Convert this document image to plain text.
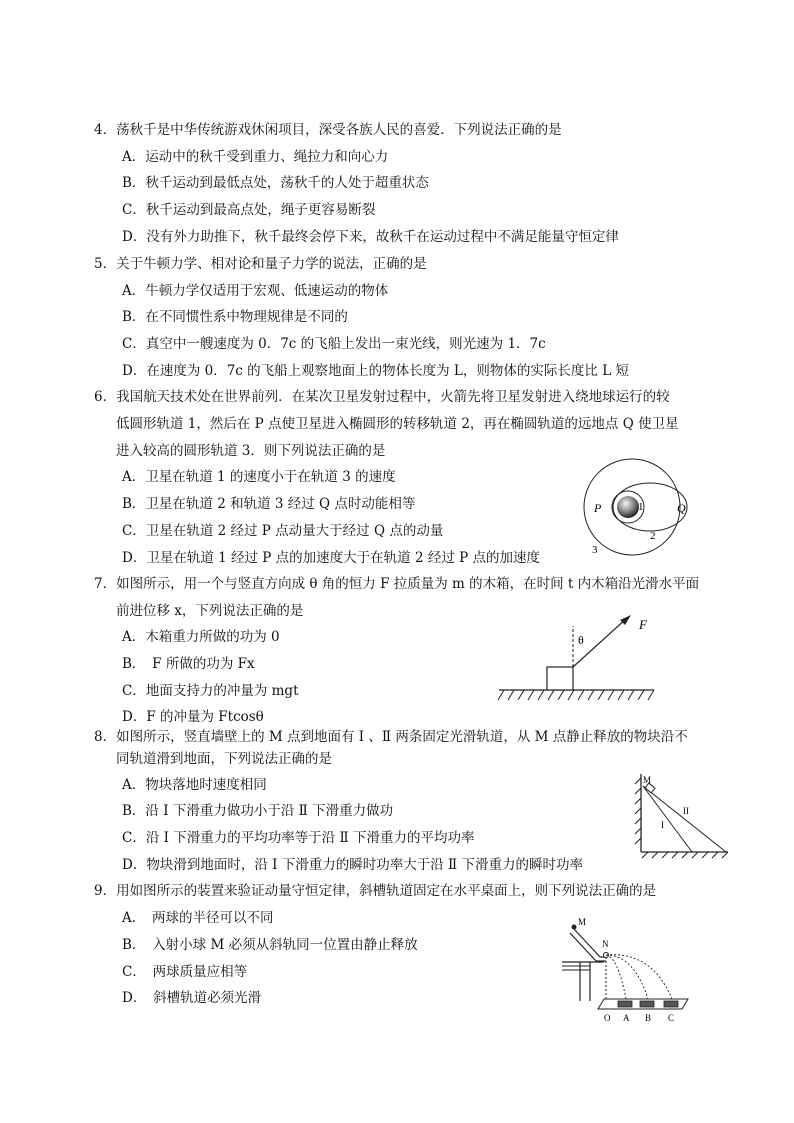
4．荡秋千是中华传统游戏休闲项目，深受各族人民的喜爱．下列说法正确的是
A．运动中的秋千受到重力、绳拉力和向心力
B．秋千运动到最低点处，荡秋千的人处于超重状态
C．秋千运动到最高点处，绳子更容易断裂
D．没有外力助推下，秋千最终会停下来，故秋千在运动过程中不满足能量守恒定律
5．关于牛顿力学、相对论和量子力学的说法，正确的是
A．牛顿力学仅适用于宏观、低速运动的物体
B．在不同惯性系中物理规律是不同的
C．真空中一艘速度为 0．7c 的飞船上发出一束光线，则光速为 1．7c
D．在速度为 0．7c 的飞船上观察地面上的物体长度为 L，则物体的实际长度比 L 短
6．我国航天技术处在世界前列．在某次卫星发射过程中，火箭先将卫星发射进入绕地球运行的较
低圆形轨道 1，然后在 P 点使卫星进入椭圆形的转移轨道 2，再在椭圆轨道的远地点 Q 使卫星
进入较高的圆形轨道 3．则下列说法正确的是
A．卫星在轨道 1 的速度小于在轨道 3 的速度
B．卫星在轨道 2 和轨道 3 经过 Q 点时动能相等
C．卫星在轨道 2 经过 P 点动量大于经过 Q 点的动量
D．卫星在轨道 1 经过 P 点的加速度大于在轨道 2 经过 P 点的加速度
P	Q
1
2
3
7．如图所示，用一个与竖直方向成 θ 角的恒力 F 拉质量为 m 的木箱，在时间 t 内木箱沿光滑水平面
前进位移 x，下列说法正确的是
A．木箱重力所做的功为 0
B．　F 所做的功为 Fx
C．地面支持力的冲量为 mgt
D．F 的冲量为 Ftcosθ
θ
F
8．如图所示，竖直墙壁上的 M 点到地面有 Ⅰ 、Ⅱ 两条固定光滑轨道，从 M 点静止释放的物块沿不
同轨道滑到地面，下列说法正确的是
A．物块落地时速度相同
B．沿 Ⅰ 下滑重力做功小于沿 Ⅱ 下滑重力做功
C．沿 Ⅰ 下滑重力的平均功率等于沿 Ⅱ 下滑重力的平均功率
D．物块滑到地面时，沿 Ⅰ 下滑重力的瞬时功率大于沿 Ⅱ 下滑重力的瞬时功率
M
I
II
9．用如图所示的装置来验证动量守恒定律，斜槽轨道固定在水平桌面上，则下列说法正确的是
A．　两球的半径可以不同
B．　入射小球 M 必须从斜轨同一位置由静止释放
C．　两球质量应相等
D．　斜槽轨道必须光滑
M
N
O A B C
